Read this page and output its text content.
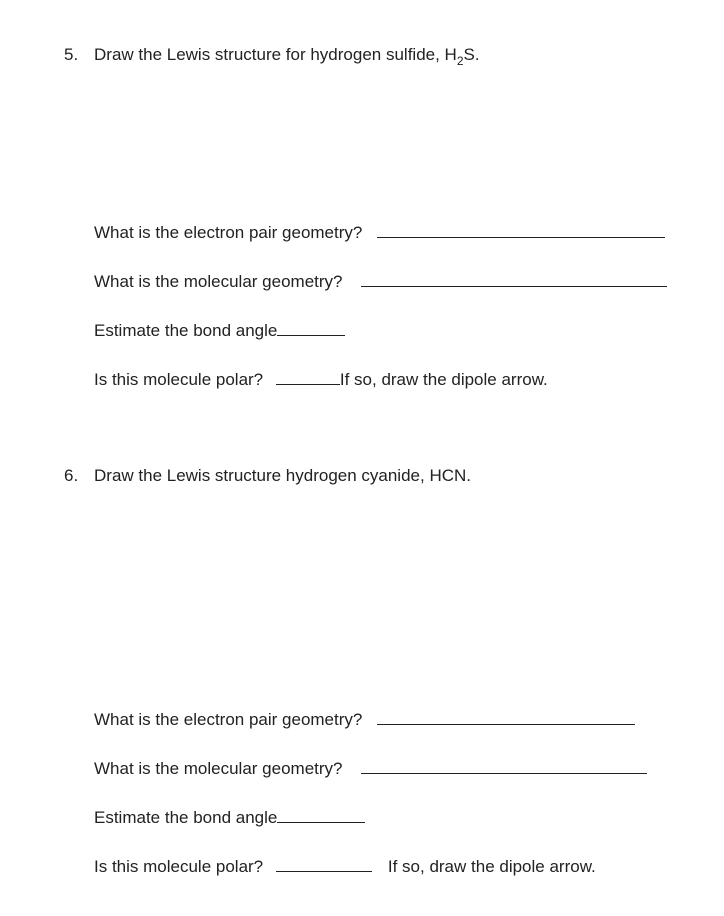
5. Draw the Lewis structure for hydrogen sulfide, $H_2S$.
What is the electron pair geometry?
What is the molecular geometry?
Estimate the bond angle
Is this molecule polar?	If so, draw the dipole arrow.
6. Draw the Lewis structure hydrogen cyanide, HCN.
What is the electron pair geometry?
What is the molecular geometry?
Estimate the bond angle
Is this molecule polar?	If so, draw the dipole arrow.
